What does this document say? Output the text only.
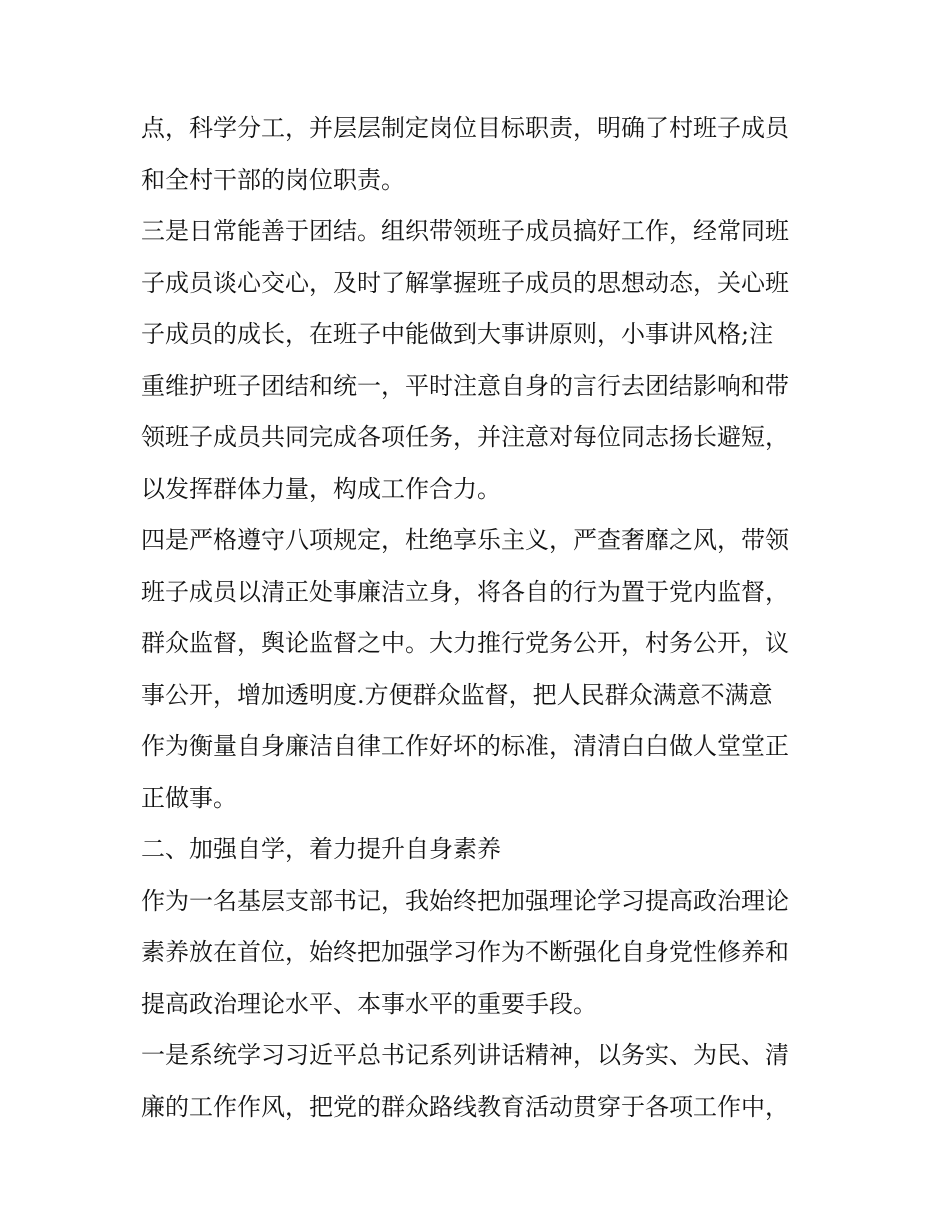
点，科学分工，并层层制定岗位目标职责，明确了村班子成员
和全村干部的岗位职责。
三是日常能善于团结。组织带领班子成员搞好工作，经常同班
子成员谈心交心，及时了解掌握班子成员的思想动态，关心班
子成员的成长，在班子中能做到大事讲原则，小事讲风格;注
重维护班子团结和统一，平时注意自身的言行去团结影响和带
领班子成员共同完成各项任务，并注意对每位同志扬长避短，
以发挥群体力量，构成工作合力。
四是严格遵守八项规定，杜绝享乐主义，严查奢靡之风，带领
班子成员以清正处事廉洁立身，将各自的行为置于党内监督，
群众监督，舆论监督之中。大力推行党务公开，村务公开，议
事公开，增加透明度.方便群众监督，把人民群众满意不满意
作为衡量自身廉洁自律工作好坏的标准，清清白白做人堂堂正
正做事。
二、加强自学，着力提升自身素养
作为一名基层支部书记，我始终把加强理论学习提高政治理论
素养放在首位，始终把加强学习作为不断强化自身党性修养和
提高政治理论水平、本事水平的重要手段。
一是系统学习习近平总书记系列讲话精神，以务实、为民、清
廉的工作作风，把党的群众路线教育活动贯穿于各项工作中，
